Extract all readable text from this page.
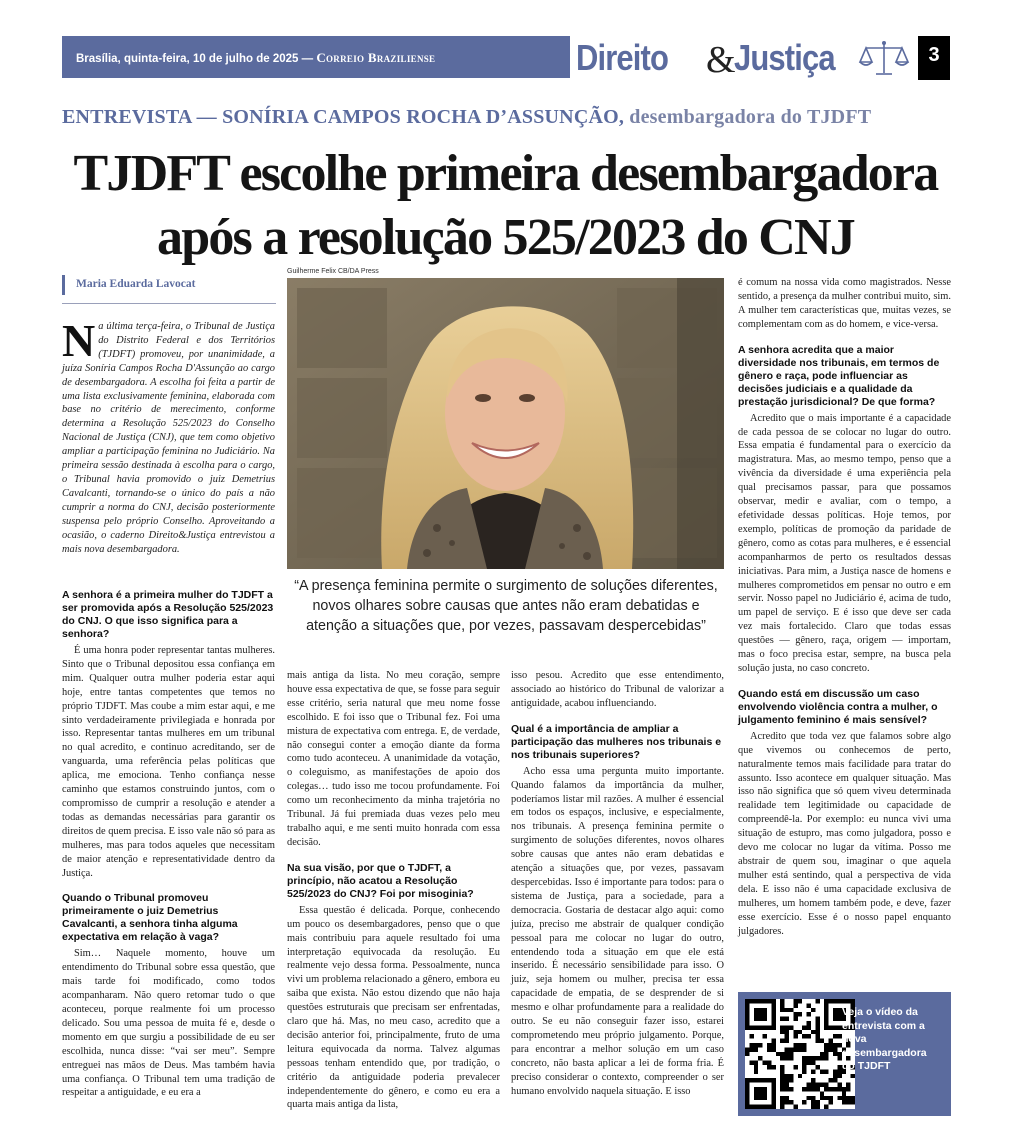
Brasília, quinta-feira, 10 de julho de 2025 — Correio Braziliense	Direito &
Justiça	3
ENTREVISTA — SONÍRIA CAMPOS ROCHA D’ASSUNÇÃO, desembargadora do TJDFT
TJDFT escolhe primeira desembargadora
após a resolução 525/2023 do CNJ
Maria Eduarda Lavocat
Guilherme Felix CB/DA Press
“A presença feminina permite o surgimento de soluções diferentes, novos olhares sobre causas que antes não eram debatidas e atenção a situações que, por vezes, passavam despercebidas”

Na última terça-feira, o Tribunal de Justiça do Distrito Federal e dos Territórios (TJDFT) promoveu, por unanimidade, a juíza Soníria Campos Rocha D'Assunção ao cargo de desembargadora. A escolha foi feita a partir de uma lista exclusivamente feminina, elaborada com base no critério de merecimento, conforme determina a Resolução 525/2023 do Conselho Nacional de Justiça (CNJ), que tem como objetivo ampliar a participação feminina no Judiciário. Na primeira sessão destinada à escolha para o cargo, o Tribunal havia promovido o juiz Demetrius Cavalcanti, tornando-se o único do país a não cumprir a norma do CNJ, decisão posteriormente suspensa pelo próprio Conselho. Aproveitando a ocasião, o caderno Direito&Justiça entrevistou a mais nova desembargadora.

A senhora é a primeira mulher do TJDFT a ser promovida após a Resolução 525/2023 do CNJ. O que isso significa para a senhora?

É uma honra poder representar tantas mulheres. Sinto que o Tribunal depositou essa confiança em mim. Qualquer outra mulher poderia estar aqui hoje, entre tantas competentes que temos no próprio TJDFT. Mas coube a mim estar aqui, e me sinto verdadeiramente privilegiada e honrada por isso. Representar tantas mulheres em um tribunal no qual acredito, e continuo acreditando, ser de vanguarda, uma referência pelas políticas que aplica, me emociona. Tenho confiança nesse caminho que estamos construindo juntos, com o compromisso de cumprir a resolução e atender a todas as demandas necessárias para garantir os direitos de quem precisa. E isso vale não só para as mulheres, mas para todos aqueles que necessitam de maior atenção e representatividade dentro da Justiça.

Quando o Tribunal promoveu primeiramente o juiz Demetrius Cavalcanti, a senhora tinha alguma expectativa em relação à vaga?

Sim… Naquele momento, houve um entendimento do Tribunal sobre essa questão, que mais tarde foi modificado, como todos acompanharam. Não quero retomar tudo o que aconteceu, porque realmente foi um processo delicado. Sou uma pessoa de muita fé e, desde o momento em que surgiu a possibilidade de eu ser escolhida, nunca disse: “vai ser meu”. Sempre entreguei nas mãos de Deus. Mas também havia uma confiança. O Tribunal tem uma tradição de respeitar a antiguidade, e eu era a

mais antiga da lista. No meu coração, sempre houve essa expectativa de que, se fosse para seguir esse critério, seria natural que meu nome fosse escolhido. E foi isso que o Tribunal fez. Foi uma mistura de expectativa com entrega. E, de verdade, não consegui conter a emoção diante da forma como tudo aconteceu. A unanimidade da votação, o coleguismo, as manifestações de apoio dos colegas… tudo isso me tocou profundamente. Foi como um reconhecimento da minha trajetória no Tribunal. Já fui premiada duas vezes pelo meu trabalho aqui, e me senti muito honrada com essa decisão.

Na sua visão, por que o TJDFT, a princípio, não acatou a Resolução 525/2023 do CNJ? Foi por misoginia?

Essa questão é delicada. Porque, conhecendo um pouco os desembargadores, penso que o que mais contribuiu para aquele resultado foi uma interpretação equivocada da resolução. Eu realmente vejo dessa forma. Pessoalmente, nunca vivi um problema relacionado a gênero, embora eu saiba que exista. Não estou dizendo que não haja questões estruturais que precisam ser enfrentadas, claro que há. Mas, no meu caso, acredito que a decisão anterior foi, principalmente, fruto de uma leitura equivocada da norma. Talvez algumas pessoas tenham entendido que, por tradição, o critério da antiguidade poderia prevalecer independentemente do gênero, e como eu era a quarta mais antiga da lista,

isso pesou. Acredito que esse entendimento, associado ao histórico do Tribunal de valorizar a antiguidade, acabou influenciando.

Qual é a importância de ampliar a participação das mulheres nos tribunais e nos tribunais superiores?

Acho essa uma pergunta muito importante. Quando falamos da importância da mulher, poderíamos listar mil razões. A mulher é essencial em todos os espaços, inclusive, e especialmente, nos tribunais. A presença feminina permite o surgimento de soluções diferentes, novos olhares sobre causas que antes não eram debatidas e atenção a situações que, por vezes, passavam despercebidas. Isso é importante para todos: para o sistema de Justiça, para a sociedade, para a democracia. Gostaria de destacar algo aqui: como juíza, preciso me abstrair de qualquer condição pessoal para me colocar no lugar do outro, entendendo toda a situação em que ele está inserido. É necessário sensibilidade para isso. O juiz, seja homem ou mulher, precisa ter essa capacidade de empatia, de se desprender de si mesmo e olhar profundamente para a realidade do outro. Se eu não conseguir fazer isso, estarei comprometendo meu próprio julgamento. Porque, para encontrar a melhor solução em um caso concreto, não basta aplicar a lei de forma fria. É preciso considerar o contexto, compreender o ser humano envolvido naquela situação. E isso

é comum na nossa vida como magistrados. Nesse sentido, a presença da mulher contribui muito, sim. A mulher tem características que, muitas vezes, se complementam com as do homem, e vice-versa.

A senhora acredita que a maior diversidade nos tribunais, em termos de gênero e raça, pode influenciar as decisões judiciais e a qualidade da prestação jurisdicional? De que forma?

Acredito que o mais importante é a capacidade de cada pessoa de se colocar no lugar do outro. Essa empatia é fundamental para o exercício da magistratura. Mas, ao mesmo tempo, penso que a vivência da diversidade é uma experiência pela qual precisamos passar, para que possamos observar, medir e avaliar, com o tempo, a efetividade dessas políticas. Hoje temos, por exemplo, políticas de promoção da paridade de gênero, como as cotas para mulheres, e é essencial acompanharmos de perto os resultados dessas iniciativas. Para mim, a Justiça nasce de homens e mulheres comprometidos em pensar no outro e em servir. Nosso papel no Judiciário é, acima de tudo, um papel de serviço. E é isso que deve ser cada vez mais fortalecido. Claro que todas essas questões — gênero, raça, origem — importam, mas o foco precisa estar, sempre, na busca pela solução justa, no caso concreto.

Quando está em discussão um caso envolvendo violência contra a mulher, o julgamento feminino é mais sensível?

Acredito que toda vez que falamos sobre algo que vivemos ou conhecemos de perto, naturalmente temos mais facilidade para tratar do assunto. Isso acontece em qualquer situação. Mas isso não significa que só quem viveu determinada realidade tem legitimidade ou capacidade de compreendê-la. Por exemplo: eu nunca vivi uma situação de estupro, mas como julgadora, posso e devo me colocar no lugar da vítima. Posso me abstrair de quem sou, imaginar o que aquela mulher está sentindo, qual a perspectiva de vida dela. E isso não é uma capacidade exclusiva de mulheres, um homem também pode, e deve, fazer esse exercício. Esse é o nosso papel enquanto julgadores.

Veja o vídeo da entrevista com a nova desembargadora do TJDFT
